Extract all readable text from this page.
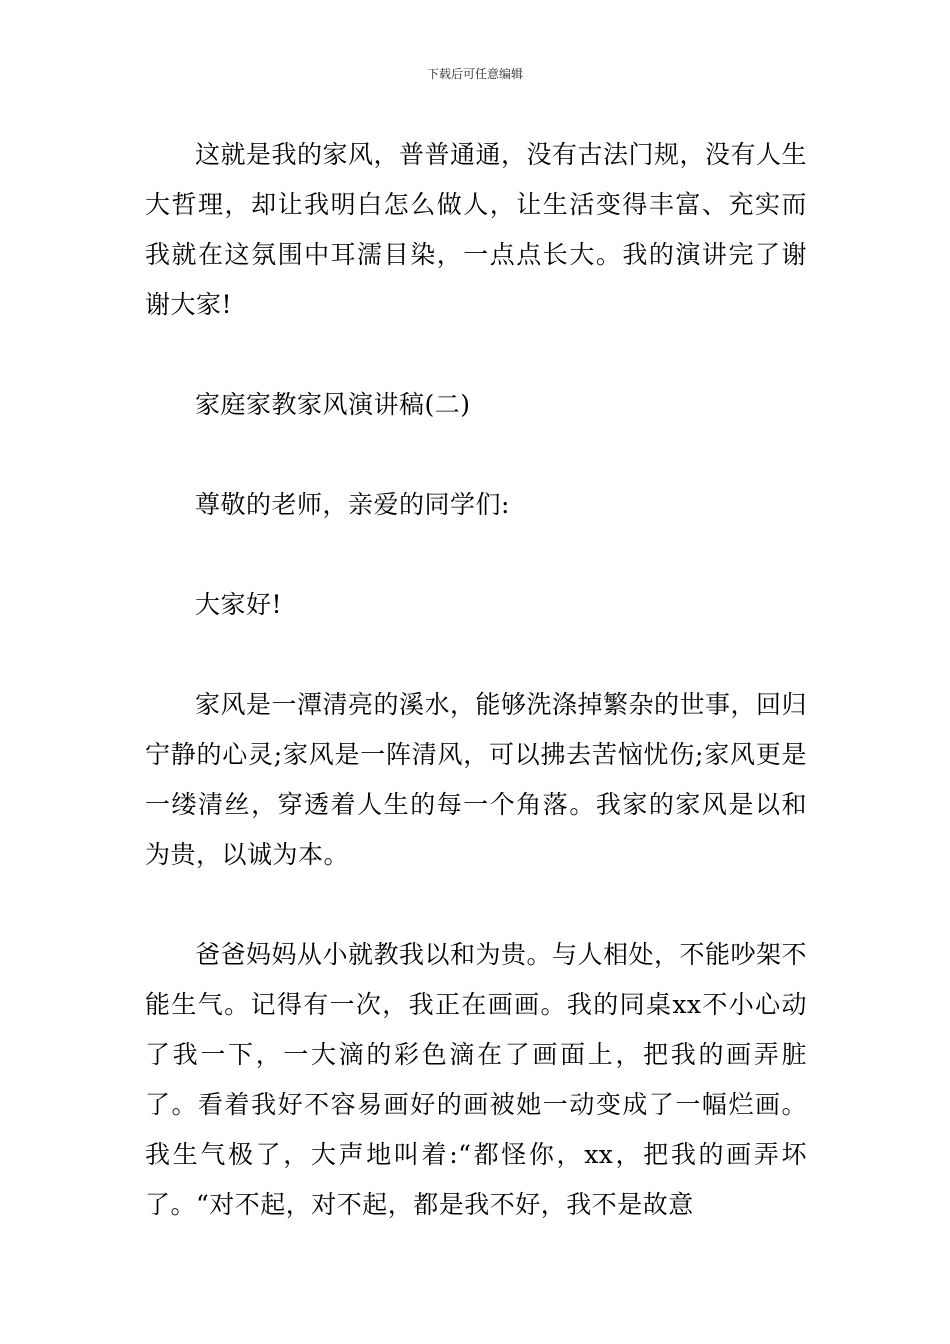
下载后可任意编辑

这就是我的家风，普普通通，没有古法门规，没有人生大哲理，却让我明白怎么做人，让生活变得丰富、充实而我就在这氛围中耳濡目染，一点点长大。我的演讲完了谢谢大家!

家庭家教家风演讲稿(二)

尊敬的老师，亲爱的同学们:

大家好!

家风是一潭清亮的溪水，能够洗涤掉繁杂的世事，回归宁静的心灵;家风是一阵清风，可以拂去苦恼忧伤;家风更是一缕清丝，穿透着人生的每一个角落。我家的家风是以和为贵，以诚为本。

爸爸妈妈从小就教我以和为贵。与人相处，不能吵架不能生气。记得有一次，我正在画画。我的同桌xx不小心动了我一下，一大滴的彩色滴在了画面上，把我的画弄脏了。看着我好不容易画好的画被她一动变成了一幅烂画。我生气极了，大声地叫着:“都怪你，xx，把我的画弄坏了。“对不起，对不起，都是我不好，我不是故意
